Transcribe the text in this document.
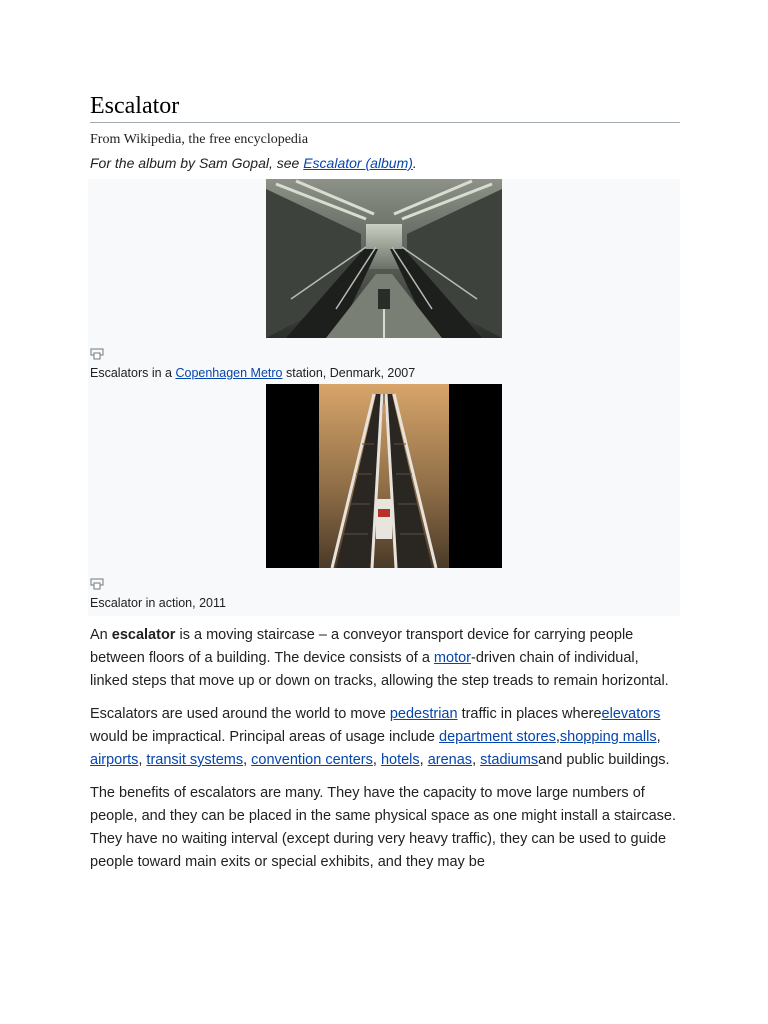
Escalator
From Wikipedia, the free encyclopedia
For the album by Sam Gopal, see Escalator (album).
Escalators in a Copenhagen Metro station, Denmark, 2007
Escalator in action, 2011

An escalator is a moving staircase – a conveyor transport device for carrying people between floors of a building. The device consists of a motor-driven chain of individual, linked steps that move up or down on tracks, allowing the step treads to remain horizontal.

Escalators are used around the world to move pedestrian traffic in places whereelevators would be impractical. Principal areas of usage include department stores,shopping malls, airports, transit systems, convention centers, hotels, arenas, stadiumsand public buildings.

The benefits of escalators are many. They have the capacity to move large numbers of people, and they can be placed in the same physical space as one might install a staircase. They have no waiting interval (except during very heavy traffic), they can be used to guide people toward main exits or special exhibits, and they may be
